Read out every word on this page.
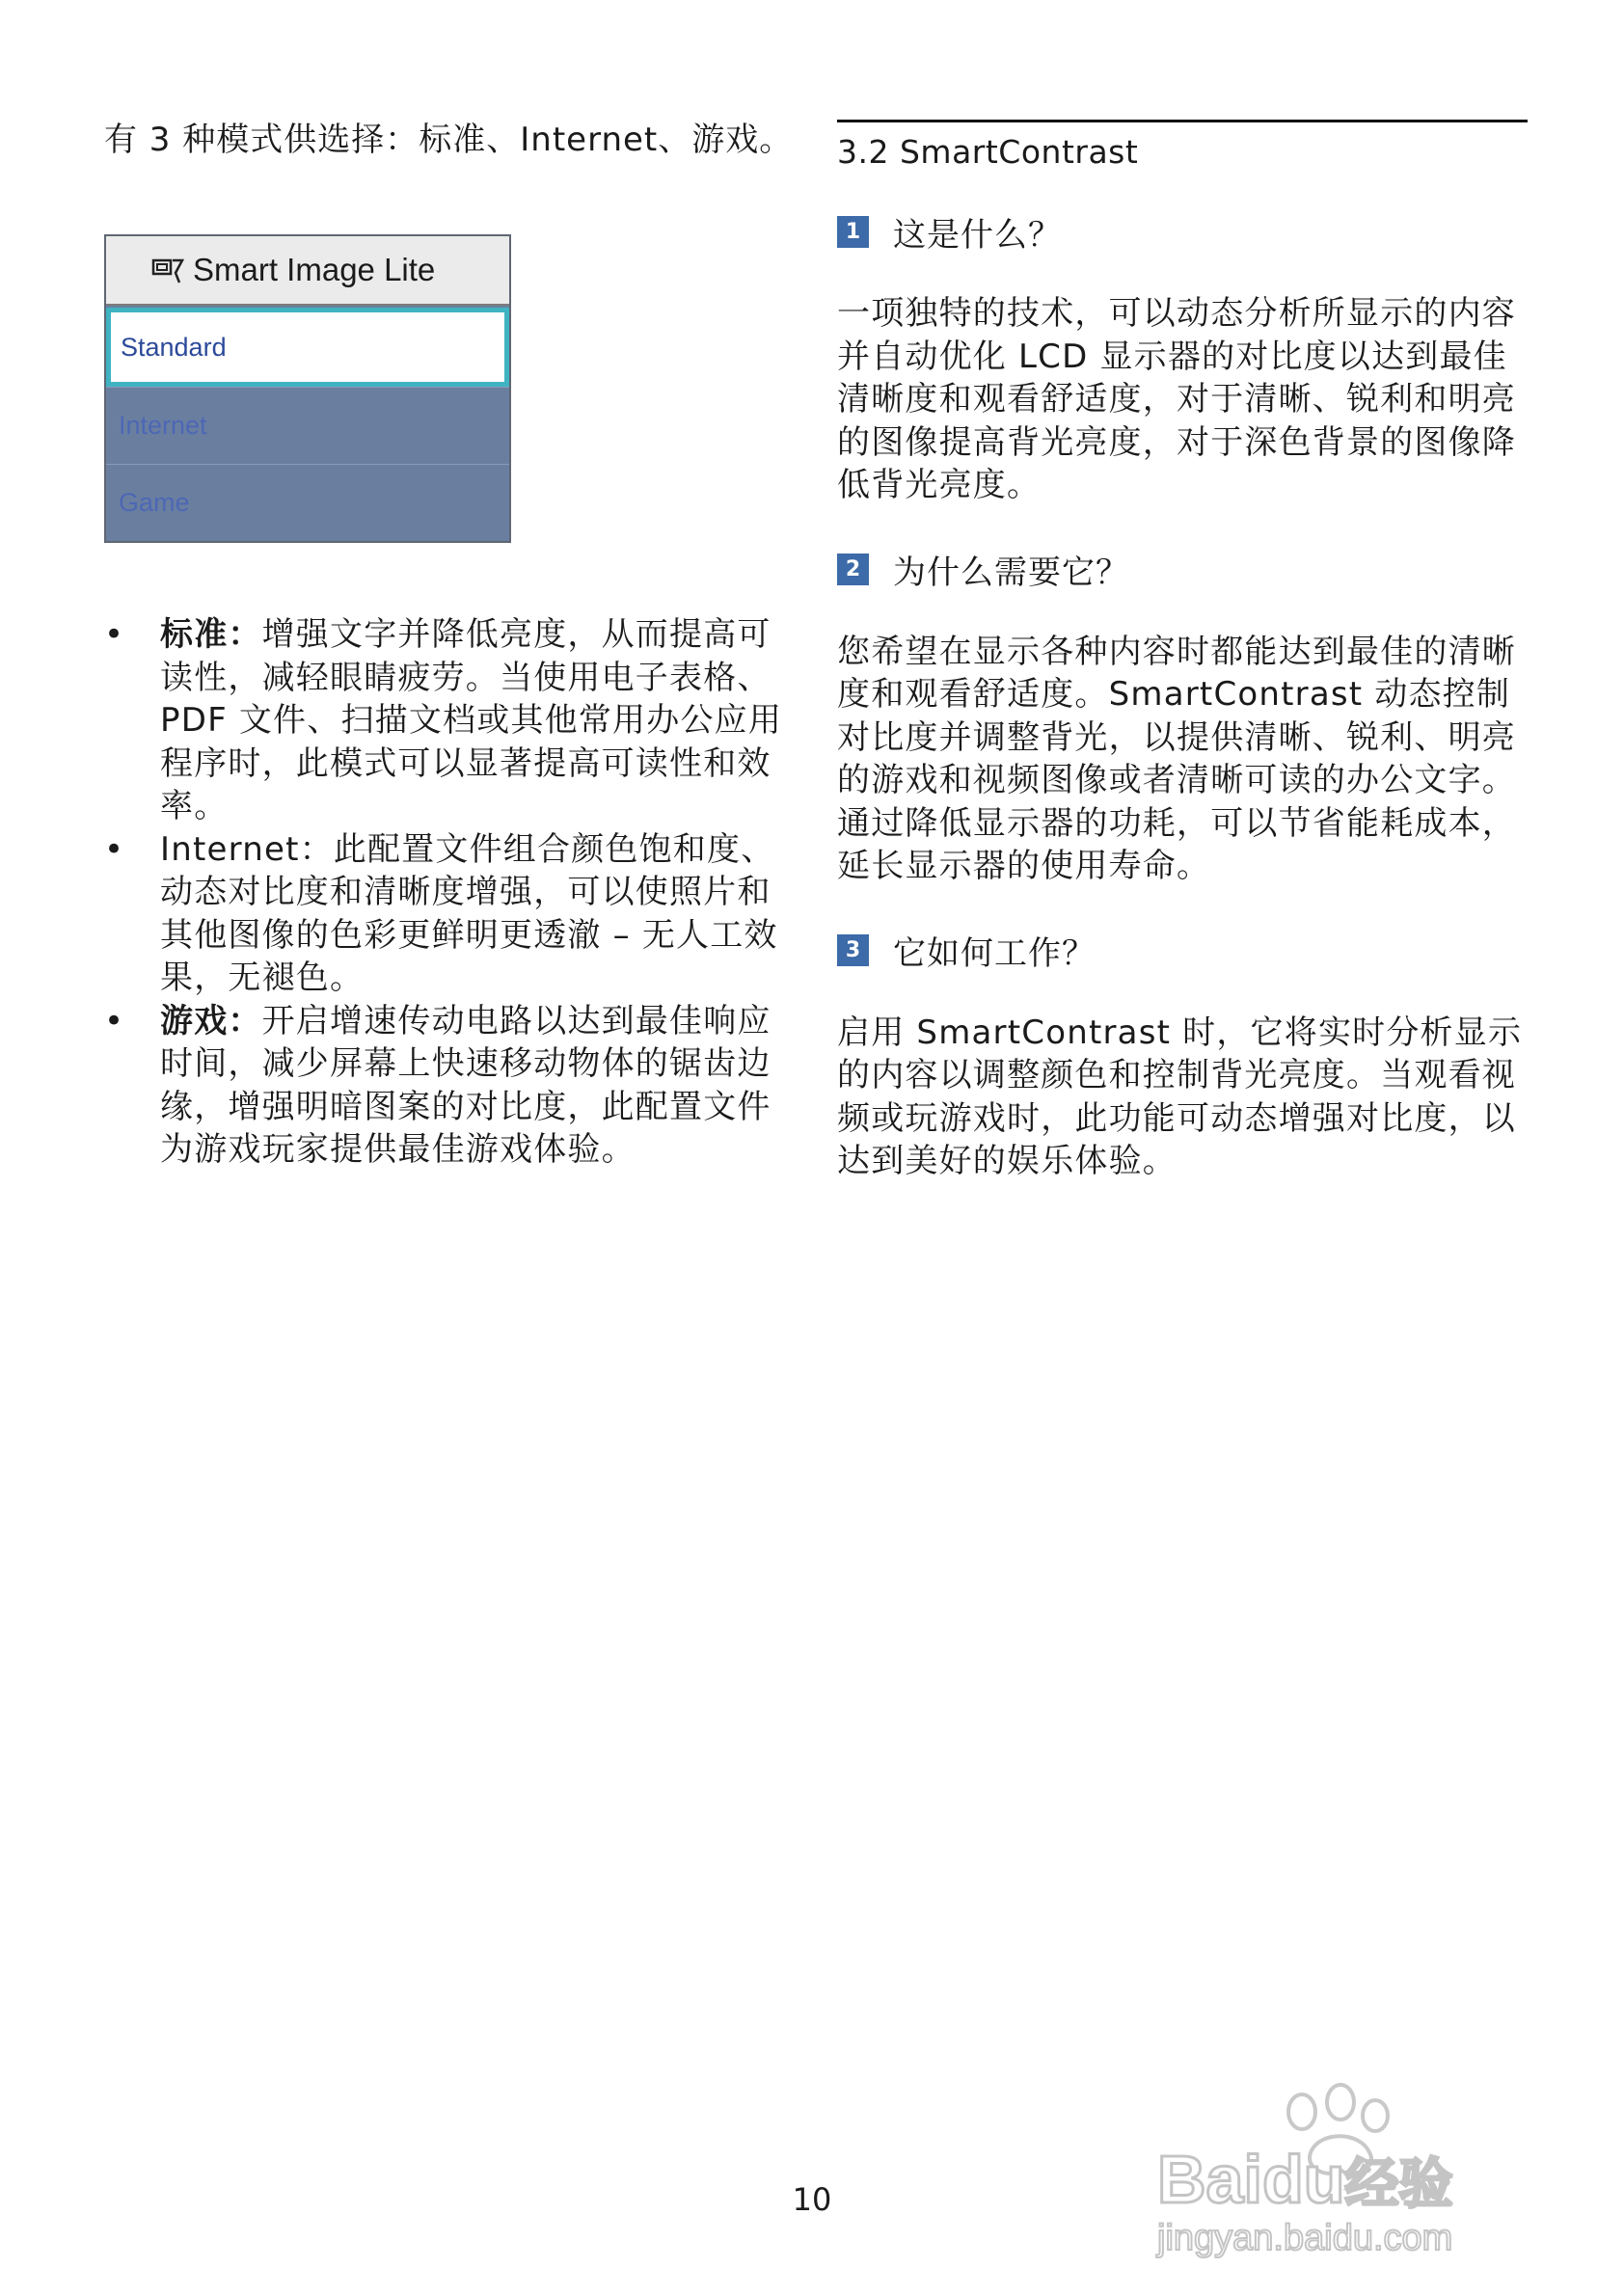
有 3 种模式供选择：标准、Internet、游戏。

Smart Image Lite
Standard
Internet
Game
• 标准：增强文字并降低亮度，从而提高可读性，减轻眼睛疲劳。当使用电子表格、PDF 文件、扫描文档或其他常用办公应用程序时，此模式可以显著提高可读性和效率。
• Internet：此配置文件组合颜色饱和度、动态对比度和清晰度增强，可以使照片和其他图像的色彩更鲜明更透澈 – 无人工效果，无褪色。
• 游戏：开启增速传动电路以达到最佳响应时间，减少屏幕上快速移动物体的锯齿边缘，增强明暗图案的对比度，此配置文件为游戏玩家提供最佳游戏体验。
3.2 SmartContrast
1 这是什么？

一项独特的技术，可以动态分析所显示的内容并自动优化 LCD 显示器的对比度以达到最佳清晰度和观看舒适度，对于清晰、锐利和明亮的图像提高背光亮度，对于深色背景的图像降低背光亮度。

2 为什么需要它？

您希望在显示各种内容时都能达到最佳的清晰度和观看舒适度。SmartContrast 动态控制对比度并调整背光，以提供清晰、锐利、明亮的游戏和视频图像或者清晰可读的办公文字。通过降低显示器的功耗，可以节省能耗成本，延长显示器的使用寿命。

3 它如何工作？

启用 SmartContrast 时，它将实时分析显示的内容以调整颜色和控制背光亮度。当观看视频或玩游戏时，此功能可动态增强对比度，以达到美好的娱乐体验。

10	Baidu经验
jingyan.baidu.com
